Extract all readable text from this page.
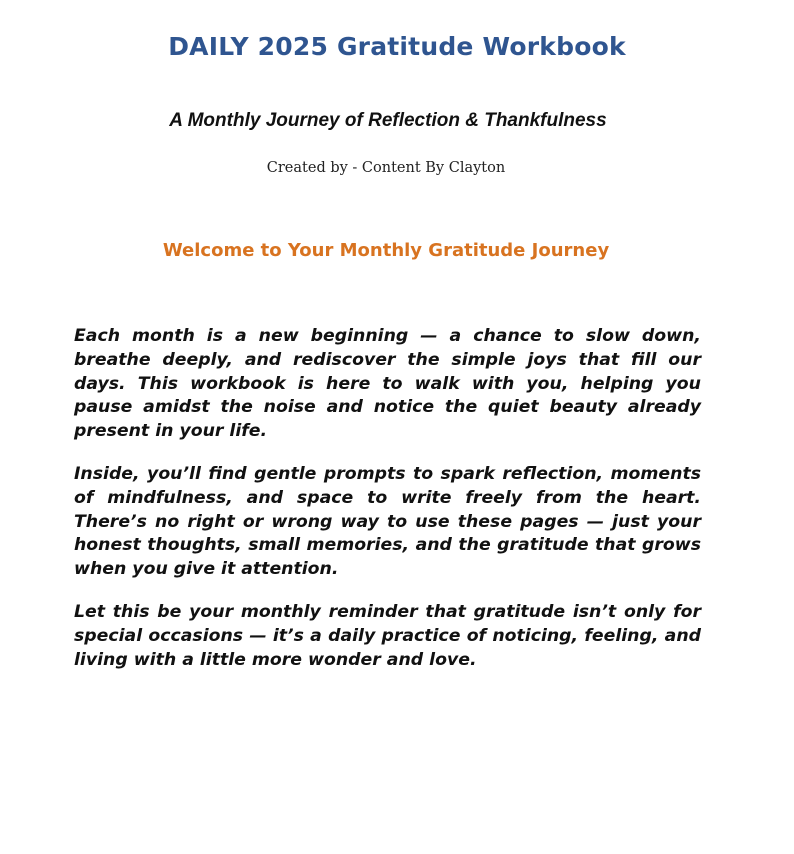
DAILY 2025 Gratitude Workbook
A Monthly Journey of Reflection & Thankfulness
Created by - Content By Clayton
Welcome to Your Monthly Gratitude Journey

Each month is a new beginning — a chance to slow down, breathe deeply, and rediscover the simple joys that fill our days. This workbook is here to walk with you, helping you pause amidst the noise and notice the quiet beauty already present in your life.

Inside, you’ll find gentle prompts to spark reflection, moments of mindfulness, and space to write freely from the heart. There’s no right or wrong way to use these pages — just your honest thoughts, small memories, and the gratitude that grows when you give it attention.

Let this be your monthly reminder that gratitude isn’t only for special occasions — it’s a daily practice of noticing, feeling, and living with a little more wonder and love.
